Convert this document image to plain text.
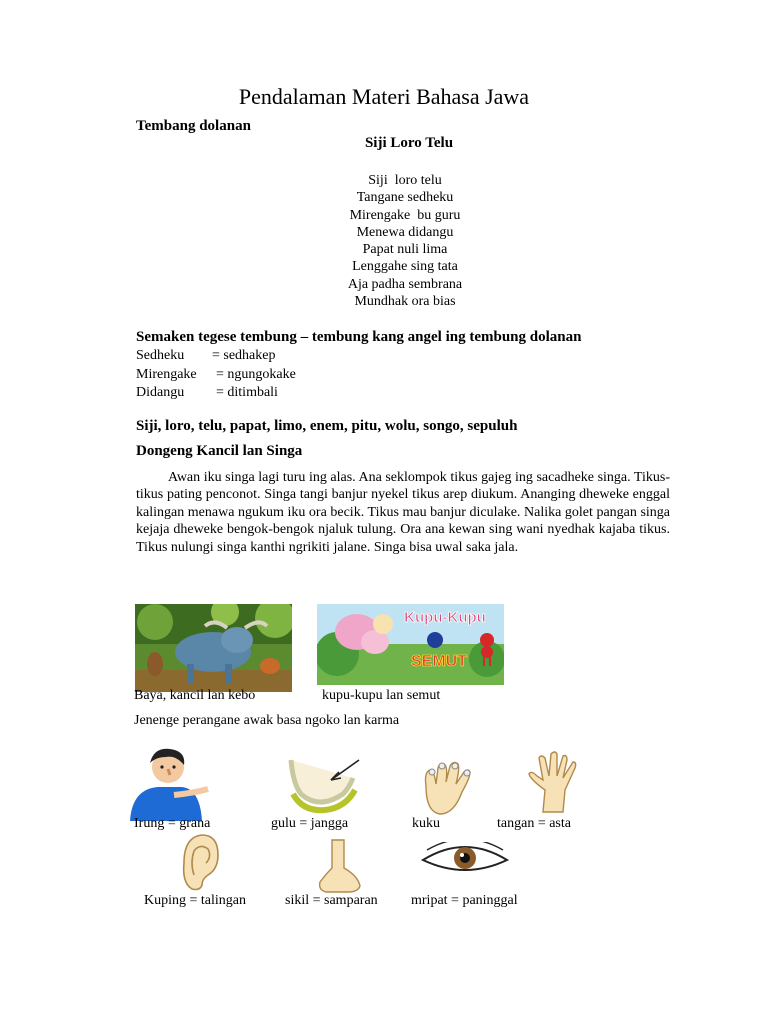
Pendalaman Materi Bahasa Jawa
Tembang dolanan
Siji Loro Telu
Siji  loro telu
Tangane sedheku
Mirengake  bu guru
Menewa didangu
Papat nuli lima
Lenggahe sing tata
Aja padha sembrana
Mundhak ora bias
Semaken tegese tembung – tembung kang angel ing tembung dolanan
Sedheku = sedhakep
Mirengake = ngungokake
Didangu = ditimbali
Siji, loro, telu, papat, limo, enem, pitu, wolu, songo, sepuluh
Dongeng Kancil lan Singa
Awan iku singa lagi turu ing alas. Ana seklompok tikus gajeg ing sacadheke singa. Tikus-tikus pating penconot. Singa tangi banjur nyekel tikus arep diukum. Ananging dheweke enggal kalingan menawa ngukum iku ora becik. Tikus mau banjur diculake. Nalika golet pangan singa kejaja dheweke bengok-bengok njaluk tulung. Ora ana kewan sing wani nyedhak kajaba tikus. Tikus nulungi singa kanthi ngrikiti jalane. Singa bisa uwal saka jala.
Baya, kancil lan kebo
Kupu-Kupu
SEMUT
kupu-kupu lan semut
Jenenge perangane awak basa ngoko lan karma
Irung = grana	gulu = jangga	kuku	tangan = asta
Kuping = talingan	sikil = samparan mripat = paninggal
